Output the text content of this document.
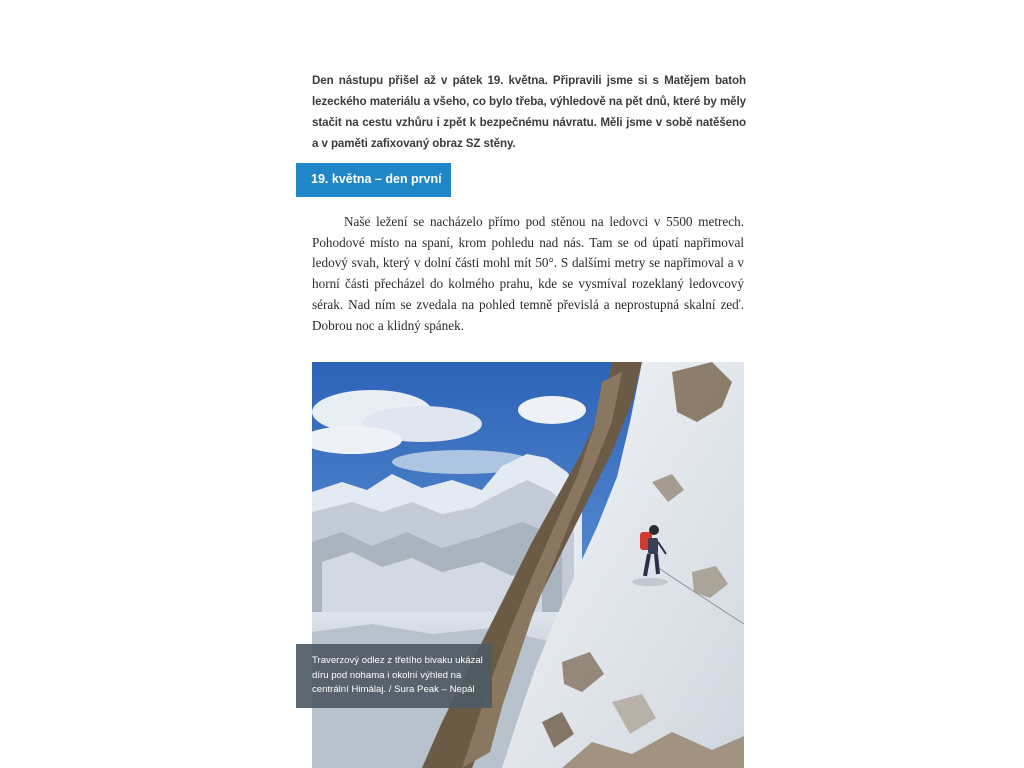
Den nástupu přišel až v pátek 19. května. Připravili jsme si s Matějem batoh lezeckého materiálu a všeho, co bylo třeba, výhledově na pět dnů, které by měly stačit na cestu vzhůru i zpět k bezpečnému návratu. Měli jsme v sobě natěšeno a v paměti zafixovaný obraz SZ stěny.
19. května – den první

Naše ležení se nacházelo přímo pod stěnou na ledovci v 5500 metrech. Pohodové místo na spaní, krom pohledu nad nás. Tam se od úpatí napřimoval ledový svah, který v dolní části mohl mít 50°. S dalšími metry se napřimoval a v horní části přecházel do kolmého prahu, kde se vysmíval rozeklaný ledovcový sérak. Nad ním se zvedala na pohled temně převislá a neprostupná skalní zeď. Dobrou noc a klidný spánek.

Traverzový odlez z třetího bivaku ukázal díru pod nohama i okolní výhled na centrální Himálaj. / Sura Peak – Nepál
